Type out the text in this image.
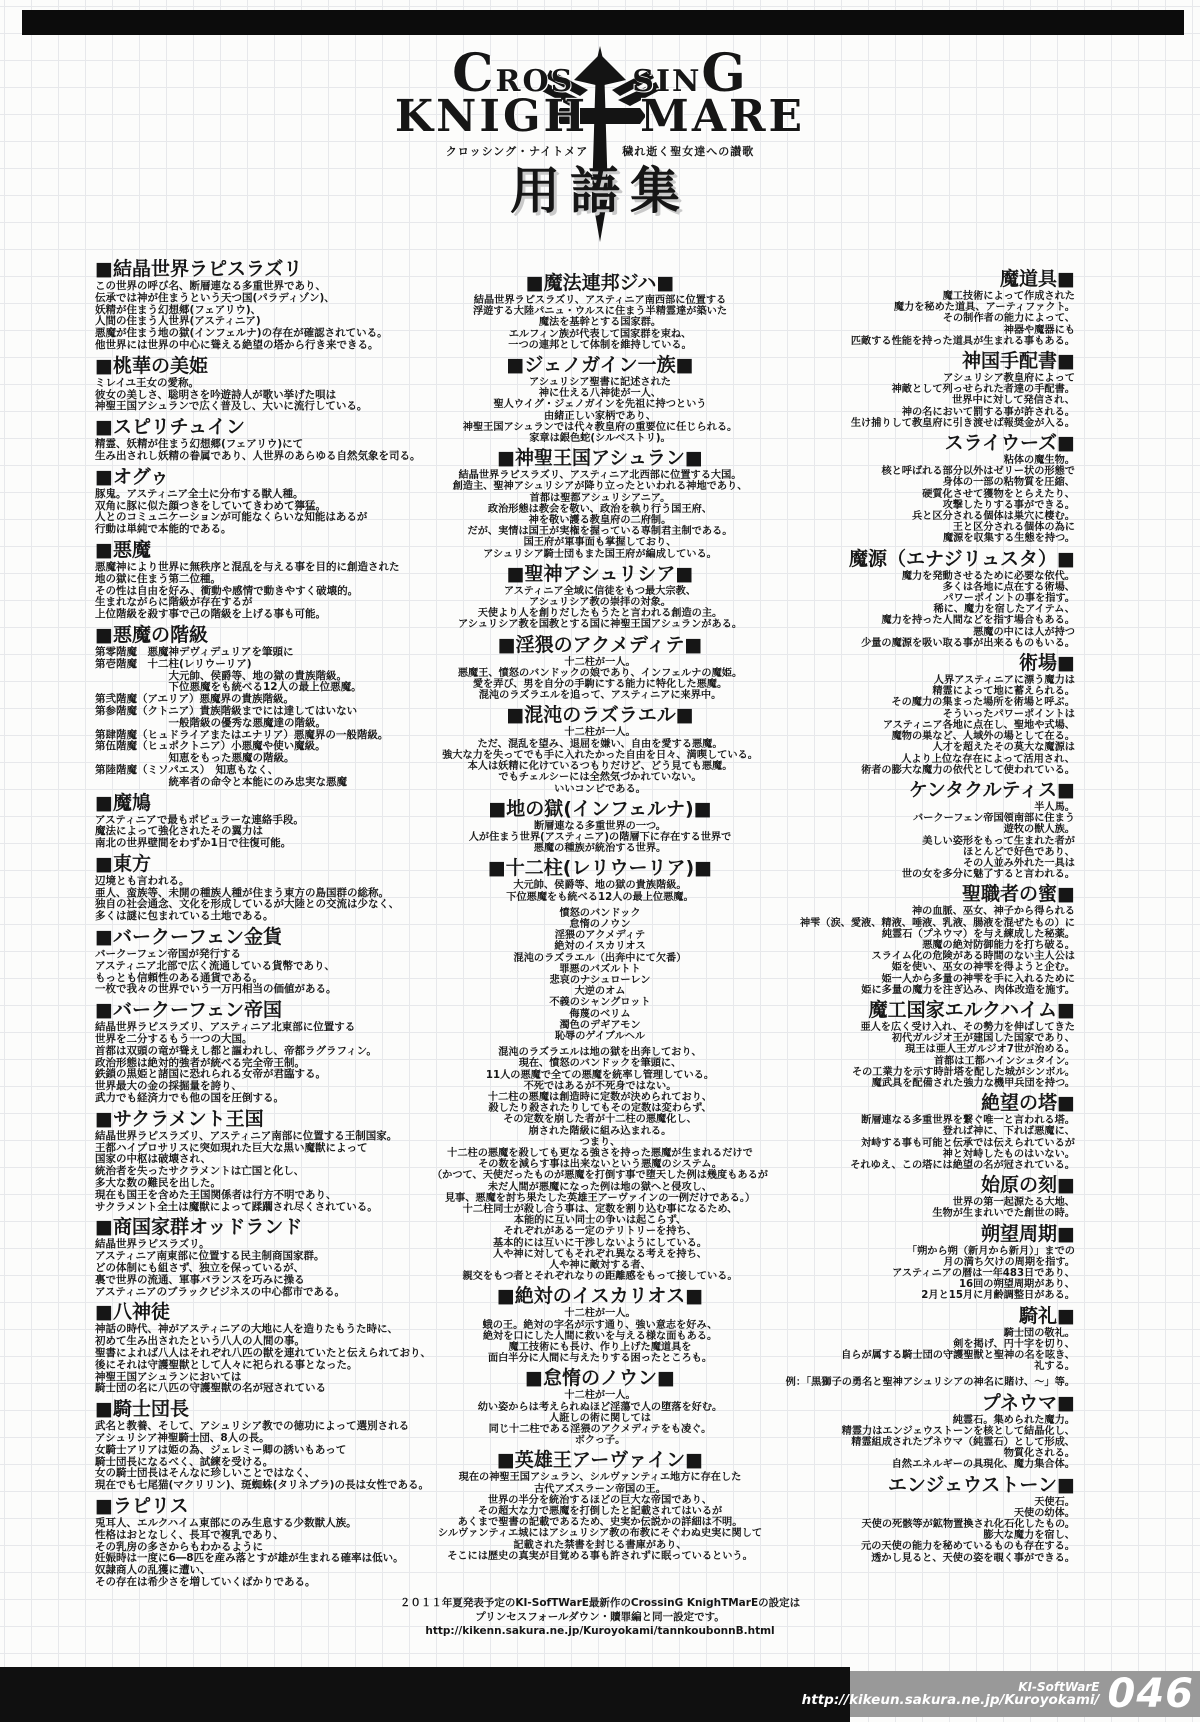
CROS SING
KNIGH MARE
クロッシング・ナイトメア	穢れ逝く聖女達への讃歌
用語集
■結晶世界ラピスラズリ
この世界の呼び名、断層連なる多重世界であり、
伝承では神が住まうという天つ国(パラディゾン)、
妖精が住まう幻想郷(フェアリウ)、
人間の住まう人世界(アスティニア)
悪魔が住まう地の獄(インフェルナ)の存在が確認されている。
他世界には世界の中心に聳える絶望の塔から行き来できる。
■桃華の美姫
ミレイユ王女の愛称。
彼女の美しさ、聡明さを吟遊詩人が歌い挙げた唄は
神聖王国アシュランで広く普及し、大いに流行している。
■スピリチュイン
精霊、妖精が住まう幻想郷(フェアリウ)にて
生み出されし妖精の眷属であり、人世界のあらゆる自然気象を司る。
■オグゥ
豚鬼。アスティニア全土に分布する獣人種。
双角に豚に似た顔つきをしていてきわめて獰猛。
人とのコミュニケーションが可能なくらいな知能はあるが
行動は単純で本能的である。
■悪魔
悪魔神により世界に無秩序と混乱を与える事を目的に創造された
地の獄に住まう第二位種。
その性は自由を好み、衝動や感情で動きやすく破壊的。
生まれながらに階級が存在するが
上位階級を殺す事で己の階級を上げる事も可能。
■悪魔の階級
第零階魔　悪魔神デヴィデュリアを筆頭に
第壱階魔　十二柱(レリウーリア)
　　　　　　　大元帥、侯爵等、地の獄の貴族階級。
　　　　　　　下位悪魔をも統べる12人の最上位悪魔。
第弐階魔（アエリア）悪魔界の貴族階級。
第参階魔（クトニア）貴族階級までには達してはいない
　　　　　　　一般階級の優秀な悪魔達の階級。
第肆階魔（ヒュドライアまたはエナリア）悪魔界の一般階級。
第伍階魔（ヒュポクトニア）小悪魔や使い魔級。
　　　　　　　知恵をもった悪魔の階級。
第陸階魔（ミソパエス）　知恵もなく、
　　　　　　　統率者の命令と本能にのみ忠実な悪魔
■魔鳩
アスティニアで最もポピュラーな連絡手段。
魔法によって強化されたその翼力は
南北の世界壁間をわずか1日で往復可能。
■東方
辺境とも言われる。
亜人、蛮族等、未開の種族人種が住まう東方の島国群の総称。
独自の社会通念、文化を形成しているが大陸との交流は少なく、
多くは謎に包まれている土地である。
■バークーフェン金貨
バークーフェン帝国が発行する
アスティニア北部で広く流通している貨幣であり、
もっとも信頼性のある通貨である。
一枚で我々の世界でいう一万円相当の価値がある。
■バークーフェン帝国
結晶世界ラピスラズリ、アスティニア北東部に位置する
世界を二分するもう一つの大国。
首都は双頭の竜が聳えし都と謳われし、帝都ラグラフィン。
政治形態は絶対的強者が統べる完全帝王制。
鉄鎖の黒姫と諸国に恐れられる女帝が君臨する。
世界最大の金の採掘量を誇り、
武力でも経済力でも他の国を圧倒する。
■サクラメント王国
結晶世界ラピスラズリ、アスティニア南部に位置する王制国家。
王都ハイプロサリスに突如現れた巨大な黒い魔獣によって
国家の中枢は破壊され、
統治者を失ったサクラメントは亡国と化し、
多大な数の難民を出した。
現在も国王を含めた王国関係者は行方不明であり、
サクラメント全土は魔獣によって蹂躙され尽くされている。
■商国家群オッドランド
結晶世界ラピスラズリ。
アスティニア南東部に位置する民主制商国家群。
どの体制にも組さず、独立を保っているが、
裏で世界の流通、軍事バランスを巧みに操る
アスティニアのブラックビジネスの中心都市である。
■八神徒
神話の時代、神がアスティニアの大地に人を造りたもうた時に、
初めて生み出されたという八人の人間の事。
聖書によれば八人はそれぞれ八匹の獣を連れていたと伝えられており、
後にそれは守護聖獣として人々に祀られる事となった。
神聖王国アシュランにおいては
騎士団の名に八匹の守護聖獣の名が冠されている
■騎士団長
武名と教養、そして、アシュリシア教での徳功によって選別される
アシュリシア神聖騎士団、8人の長。
女騎士アリアは姫の為、ジェレミー卿の誘いもあって
騎士団長になるべく、試練を受ける。
女の騎士団長はそんなに珍しいことではなく、
現在でも七尾猫(マクリリン)、斑蜘蛛(タリネブラ)の長は女性である。
■ラピリス
兎耳人、エルクハイム東部にのみ生息する少数獣人族。
性格はおとなしく、長耳で複乳であり、
その乳房の多さからもわかるように
妊娠時は一度に6―8匹を産み落とすが雄が生まれる確率は低い。
奴隷商人の乱獲に遭い、
その存在は希少さを増していくばかりである。
■魔法連邦ジハ■
結晶世界ラピスラズリ、アスティニア南西部に位置する
浮遊する大陸パニュ・ウルスに住まう半精霊達が築いた
魔法を基幹とする国家群。
エルフィン族が代表して国家群を束ね、
一つの連邦として体制を維持している。
■ジェノガイン一族■
アシュリシア聖書に記述された
神に仕える八神徒が一人、
聖人ウイグ・ジェノガインを先祖に持つという
由緒正しい家柄であり、
神聖王国アシュランでは代々教皇府の重要位に任じられる。
家章は銀色蛇(シルベストリ)。
■神聖王国アシュラン■
結晶世界ラピスラズリ、アスティニア北西部に位置する大国。
創造主、聖神アシュリシアが降り立ったといわれる神地であり、
首都は聖都アシュリシアニア。
政治形態は教会を敬い、政治を執り行う国王府、
神を敬い護る教皇府の二府制。
だが、実情は国王が実権を握っている専制君主制である。
国王府が軍事面も掌握しており、
アシュリシア騎士団もまた国王府が編成している。
■聖神アシュリシア■
アスティニア全域に信徒をもつ最大宗教、
アシュリシア教の崇拝の対象。
天使より人を創りだしたもうたと言われる創造の主。
アシュリシア教を国教とする国に神聖王国アシュランがある。
■淫猥のアクメディテ■
十二柱が一人。
悪魔王、憤怒のバンドックの娘であり、インフェルナの魔姫。
愛を弄び、男を自分の手駒にする能力に特化した悪魔。
混沌のラズラエルを追って、アスティニアに来界中。
■混沌のラズラエル■
十二柱が一人。
ただ、混乱を望み、退屈を嫌い、自由を愛する悪魔。
強大な力を失ってでも手に入れたかった自由を日々、満喫している。
本人は妖精に化けているつもりだけど、どう見ても悪魔。
でもチェルシーには全然気づかれていない。
いいコンビである。
■地の獄(インフェルナ)■
断層連なる多重世界の一つ。
人が住まう世界(アスティニア)の階層下に存在する世界で
悪魔の種族が統治する世界。
■十二柱(レリウーリア)■
大元帥、侯爵等、地の獄の貴族階級。
下位悪魔をも統べる12人の最上位悪魔。
憤怒のバンドック
怠惰のノウン
淫猥のアクメディテ
絶対のイスカリオス
混沌のラズラエル（出奔中にて欠番）
罪悪のバズルトト
悲哀のナシュローレン
大逆のオム
不義のシャングロット
侮蔑のベリム
濁色のデギアモン
恥辱のゲイブルヘル
混沌のラズラエルは地の獄を出奔しており、
現在、憤怒のバンドックを筆頭に、
11人の悪魔で全ての悪魔を統率し管理している。
不死ではあるが不死身ではない。
十二柱の悪魔は創造時に定数が決められており、
殺したり殺されたりしてもその定数は変わらず、
その定数を崩した者が十二柱の悪魔化し、
崩された階級に組み込まれる。
つまり、
十二柱の悪魔を殺しても更なる強さを持った悪魔が生まれるだけで
その数を減らす事は出来ないという悪魔のシステム。
（かつて、天使だったものが悪魔を打倒す事で堕天した例は幾度もあるが
未だ人間が悪魔になった例は地の獄へと侵攻し、
見事、悪魔を討ち果たした英雄王アーヴァインの一例だけである。）
十二柱同士が殺し合う事は、定数を割り込む事になるため、
本能的に互い同士の争いは起こらず、
それぞれがある一定のテリトリーを持ち、
基本的には互いに干渉しないようにしている。
人や神に対してもそれぞれ異なる考えを持ち、
人や神に敵対する者、
親交をもつ者とそれぞれなりの距離感をもって接している。
■絶対のイスカリオス■
十二柱が一人。
蛾の王。絶対の字名が示す通り、強い意志を好み、
絶対を口にした人間に救いを与える様な面もある。
魔工技術にも長け、作り上げた魔道具を
面白半分に人間に与えたりする困ったところも。
■怠惰のノウン■
十二柱が一人。
幼い姿からは考えられぬほど淫蕩で人の堕落を好む。
人誑しの術に関しては
同じ十二柱である淫猥のアクメディテをも凌ぐ。
ボクっ子。
■英雄王アーヴァイン■
現在の神聖王国アシュラン、シルヴァンティエ地方に存在した
古代アズスラーン帝国の王。
世界の半分を統治するほどの巨大な帝国であり、
その超大な力で悪魔を打倒したと記載されてはいるが
あくまで聖書の記載であるため、史実か伝説かの詳細は不明。
シルヴァンティエ城にはアシュリシア教の布教にそぐわぬ史実に関して
記載された禁書を封じる書庫があり、
そこには歴史の真実が目覚める事も許されずに眠っているという。
魔道具■
魔工技術によって作成された
魔力を秘めた道具、アーティファクト。
その制作者の能力によって、
神器や魔器にも
匹敵する性能を持った道具が生まれる事もある。
神国手配書■
アシュリシア教皇府によって
神敵として列っせられた者達の手配書。
世界中に対して発信され、
神の名において罰する事が許される。
生け捕りして教皇府に引き渡せば報奨金が入る。
スライウーズ■
粘体の魔生物。
核と呼ばれる部分以外はゼリー状の形態で
身体の一部の粘物質を圧縮、
硬質化させて獲物をとらえたり、
攻撃したりする事ができる。
兵と区分される個体は巣穴に棲む。
王と区分される個体の為に
魔源を収集する生態を持つ。
魔源（エナジリュスタ）■
魔力を発動させるために必要な依代。
多くは各地に点在する術場、
パワーポイントの事を指す。
稀に、魔力を宿したアイテム、
魔力を持った人間などを指す場合もある。
悪魔の中には人が持つ
少量の魔源を吸い取る事が出来るものもいる。
術場■
人界アスティニアに漂う魔力は
精霊によって地に蓄えられる。
その魔力の集まった場所を術場と呼ぶ。
そういったパワーポイントは
アスティニア各地に点在し、聖地や式場、
魔物の巣など、人域外の場として在る。
人才を超えたその莫大な魔源は
人より上位な存在によって活用され、
術者の膨大な魔力の依代として使われている。
ケンタクルティス■
半人馬。
バークーフェン帝国領南部に住まう
遊牧の獣人族。
美しい姿形をもって生まれた者が
ほとんどで好色であり、
その人並み外れた一具は
世の女を多分に魅了すると言われる。
聖職者の蜜■
神の血脈、巫女、神子から得られる
神雫（涙、愛液、精液、唾液、乳液、腸液を混ぜたもの）に
純霊石（プネウマ）を与え練成した秘薬。
悪魔の絶対防御能力を打ち破る。
スライム化の危険がある時間のない主人公は
姫を使い、巫女の神雫を得ようと企む。
姫一人から多量の神雫を手に入れるために
姫に多量の魔力を注ぎ込み、肉体改造を施す。
魔工国家エルクハイム■
亜人を広く受け入れ、その勢力を伸ばしてきた
初代ガルジオ王が建国した国家であり、
現王は亜人王ガルジオ7世が治める。
首都は工都ハインシュタイン。
その工業力を示す時計塔を配した城がシンボル。
魔武具を配備された強力な機甲兵団を持つ。
絶望の塔■
断層連なる多重世界を繋ぐ唯一と言われる塔。
登れば神に、下れば悪魔に、
対峙する事も可能と伝承では伝えられているが
神と対峙したものはいない。
それゆえ、この塔には絶望の名が冠されている。
始原の刻■
世界の第一起源たる大地、
生物が生まれいでた創世の時。
朔望周期■
「朔から朔（新月から新月）」までの
月の満ち欠けの周期を指す。
アスティニアの暦は一年483日であり、
16回の朔望周期があり、
2月と15月に月齢調整日がある。
騎礼■
騎士団の敬礼。
剣を掲げ、円十字を切り、
自らが属する騎士団の守護聖獣と聖神の名を呟き、
礼する。
例：「黒獅子の勇名と聖神アシュリシアの神名に賭け、〜」等。
プネウマ■
純霊石。集められた魔力。
精霊力はエンジェウストーンを核として結晶化し、
精霊組成されたプネウマ（純霊石）として形成、
物質化される。
自然エネルギーの具現化、魔力集合体。
エンジェウストーン■
天使石。
天使の幼体。
天使の死骸等が鉱物置換され化石化したもの。
膨大な魔力を宿し、
元の天使の能力を秘めているものも存在する。
透かし見ると、天使の姿を覗く事ができる。
２０１１年夏発表予定のKI-SofTWarE最新作のCrossinG KnighTMarEの設定は
プリンセスフォールダウン・贖罪編と同一設定です。
http://kikenn.sakura.ne.jp/Kuroyokami/tannkoubonnB.html
KI-SoftWarE
http://kikeun.sakura.ne.jp/Kuroyokami/ 046
